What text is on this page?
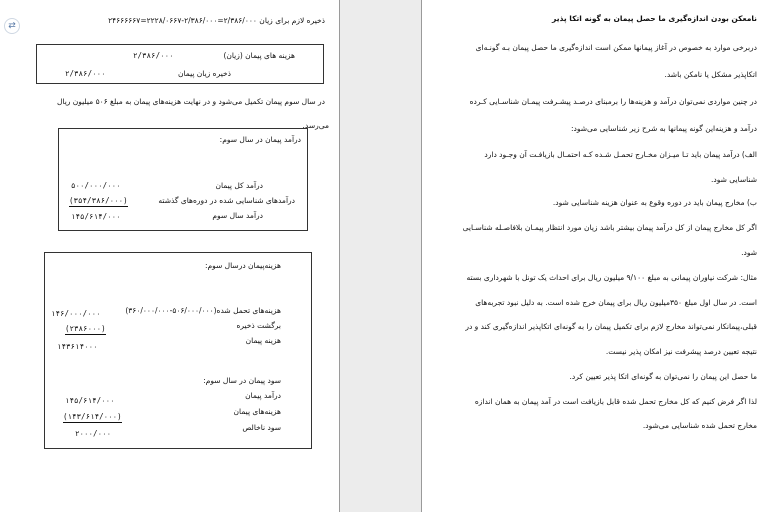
⇄
ذخیره لازم برای زیان ۲/۳۸۶/۰۰۰=۲/۳۸۶/۰۰۰-۲۲۲۸/۰۶۶۷=۲۴۶۶۶۶۶۷
هزینه های پیمان (زیان)
۲/۳۸۶/۰۰۰
ذخیره زیان پیمان
۲/۳۸۶/۰۰۰
در سال سوم پیمان تکمیل می‌شود و در نهایت هزینه‌های پیمان به مبلغ ۵۰۶ میلیون ریال
می‌رسد.
درآمد پیمان در سال سوم:
درآمد کل پیمان
۵۰۰/۰۰۰/۰۰۰
درآمدهای شناسایی شده در دوره‌های گذشته
(۳۵۴/۳۸۶/۰۰۰)
درآمد سال سوم
۱۴۵/۶۱۴/۰۰۰
هزینه‌پیمان درسال سوم:
هزینه‌های تحمل شده(۵۰۶/۰۰۰/۰۰۰-۳۶۰/۰۰۰/۰۰۰)
۱۴۶/۰۰۰/۰۰۰
برگشت ذخیره
(۲۳۸۶۰۰۰)
هزینه پیمان
۱۴۳۶۱۴۰۰۰
سود پیمان در سال سوم:
درآمد پیمان
۱۴۵/۶۱۴/۰۰۰
هزینه‌های پیمان
(۱۴۳/۶۱۴/۰۰۰)
سود ناخالص
۲۰۰۰/۰۰۰
نامعکن بودن اندازه‌گیری ما حصل پیمان به گونه اتکا پذیر
دربرخی موارد به خصوص در آغاز پیمانها ممکن است اندازه‌گیری ما حصل پیمان بـه گونـه‌ای
اتکاپذیر مشکل یا نامکن باشد.
در چنین مواردی نمی‌توان درآمد و هزینه‌ها را برمبنای درصـد پیشـرفت پیمـان شناسـایی کـرده
درآمد و هزینه‌این گونه پیمانها به شرح زیر شناسایی می‌شود:
الف) درآمد پیمان باید تـا میـزان مخـارج تحمـل شـده کـه احتمـال بازیافـت آن وجـود دارد
شناسایی شود.
ب) مخارج پیمان باید در دوره وقوع به عنوان هزینه شناسایی شود.
اگر کل مخارج پیمان از کل درآمد پیمان بیشتر باشد زیان مورد انتظار پیمـان بلافاصـله شناسـایی
شود.
مثال: شرکت نیاوران پیمانی به مبلغ ۹/۱۰۰ میلیون ریال برای احداث یک تونل با شهرداری بسته
است. در سال اول مبلغ ۳۵۰میلیون ریال برای پیمان خرج شده است. به دلیل نبود تجربه‌های
قبلی،پیمانکار نمی‌تواند مخارج لازم برای تکمیل پیمان را به گونه‌ای اتکاپذیر اندازه‌گیری کند و در
نتیجه تعیین درصد پیشرفت نیز امکان پذیر نیست.
ما حصل این پیمان را نمی‌توان به گونه‌ای اتکا پذیر تعیین کرد.
لذا اگر فرض کنیم که کل مخارج تحمل شده قابل بازیافت است در آمد پیمان به همان اندازه
مخارج تحمل شده شناسایی می‌شود.
